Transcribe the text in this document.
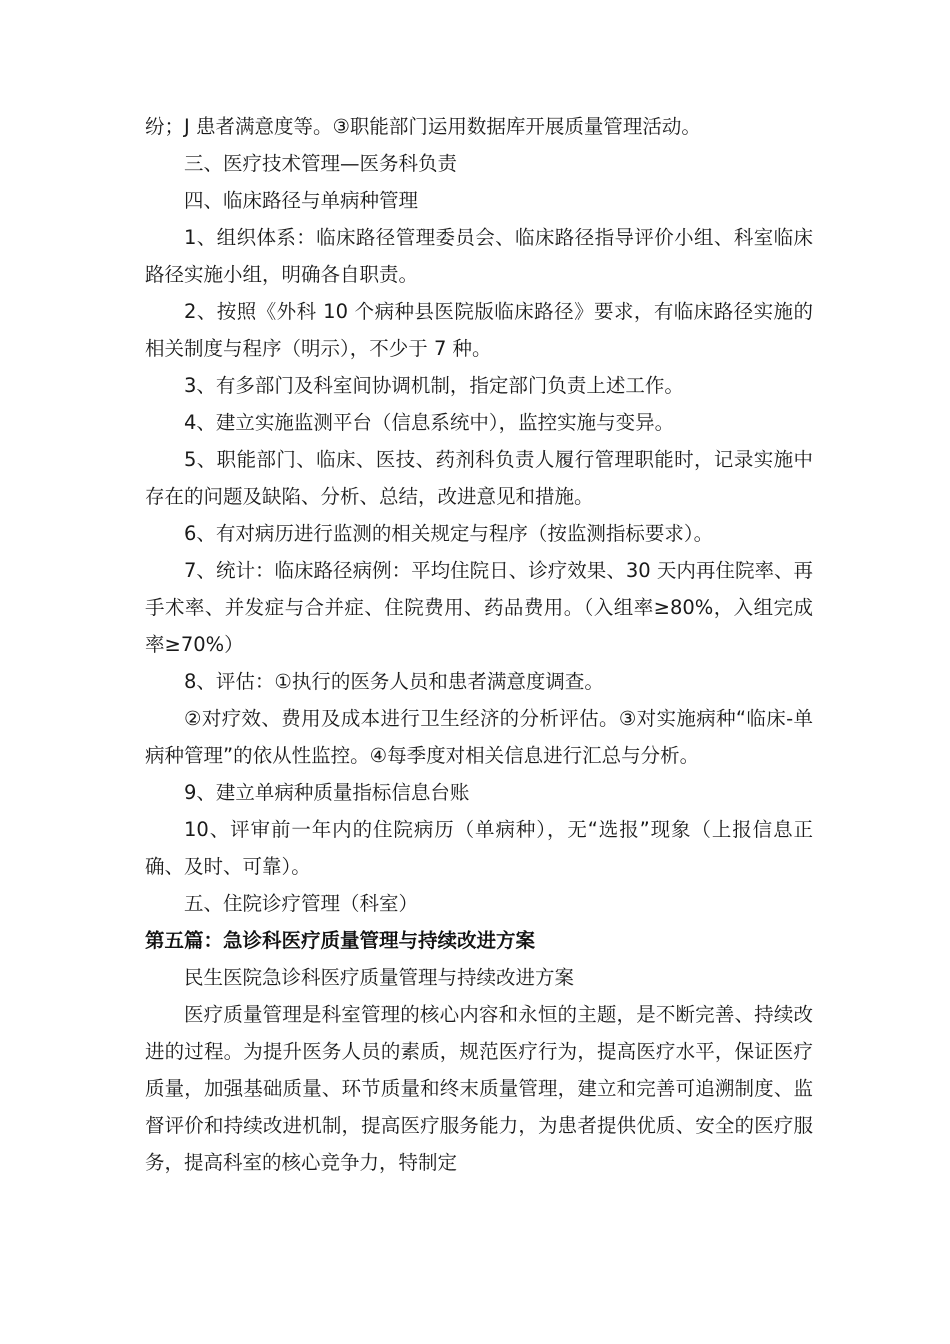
纷；J 患者满意度等。③职能部门运用数据库开展质量管理活动。

三、医疗技术管理—医务科负责

四、临床路径与单病种管理

1、组织体系：临床路径管理委员会、临床路径指导评价小组、科室临床路径实施小组，明确各自职责。

2、按照《外科 10 个病种县医院版临床路径》要求，有临床路径实施的相关制度与程序（明示），不少于 7 种。

3、有多部门及科室间协调机制，指定部门负责上述工作。

4、建立实施监测平台（信息系统中），监控实施与变异。

5、职能部门、临床、医技、药剂科负责人履行管理职能时，记录实施中存在的问题及缺陷、分析、总结，改进意见和措施。

6、有对病历进行监测的相关规定与程序（按监测指标要求）。

7、统计：临床路径病例：平均住院日、诊疗效果、30 天内再住院率、再手术率、并发症与合并症、住院费用、药品费用。（入组率≥80%，入组完成率≥70%）

8、评估：①执行的医务人员和患者满意度调查。

②对疗效、费用及成本进行卫生经济的分析评估。③对实施病种“临床-单病种管理”的依从性监控。④每季度对相关信息进行汇总与分析。

9、建立单病种质量指标信息台账

10、评审前一年内的住院病历（单病种），无“选报”现象（上报信息正确、及时、可靠）。

五、住院诊疗管理（科室）

第五篇：急诊科医疗质量管理与持续改进方案

民生医院急诊科医疗质量管理与持续改进方案

医疗质量管理是科室管理的核心内容和永恒的主题，是不断完善、持续改进的过程。为提升医务人员的素质，规范医疗行为，提高医疗水平，保证医疗质量，加强基础质量、环节质量和终末质量管理，建立和完善可追溯制度、监督评价和持续改进机制，提高医疗服务能力，为患者提供优质、安全的医疗服务，提高科室的核心竞争力，特制定
